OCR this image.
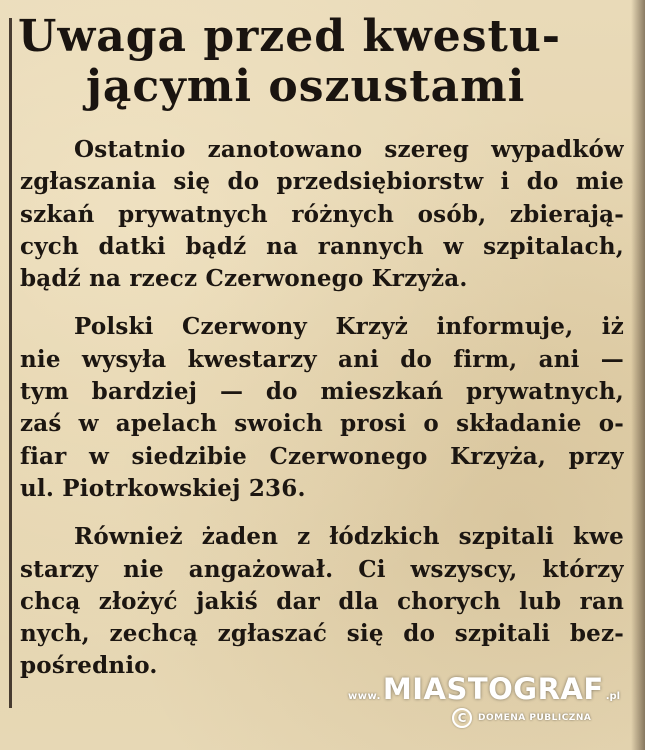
Uwaga przed kwestu-
jącymi oszustami

Ostatnio zanotowano szereg wypadków
zgłaszania się do przedsiębiorstw i do mie
szkań prywatnych różnych osób, zbierają-
cych datki bądź na rannych w szpitalach,
bądź na rzecz Czerwonego Krzyża.

Polski Czerwony Krzyż informuje, iż
nie wysyła kwestarzy ani do firm, ani —
tym bardziej — do mieszkań prywatnych,
zaś w apelach swoich prosi o składanie o-
fiar w siedzibie Czerwonego Krzyża, przy
ul. Piotrkowskiej 236.

Również żaden z łódzkich szpitali kwe
starzy nie angażował. Ci wszyscy, którzy
chcą złożyć jakiś dar dla chorych lub ran
nych, zechcą zgłaszać się do szpitali bez-
pośrednio.

www. MIASTOGRAF .pl
C	DOMENA PUBLICZNA
